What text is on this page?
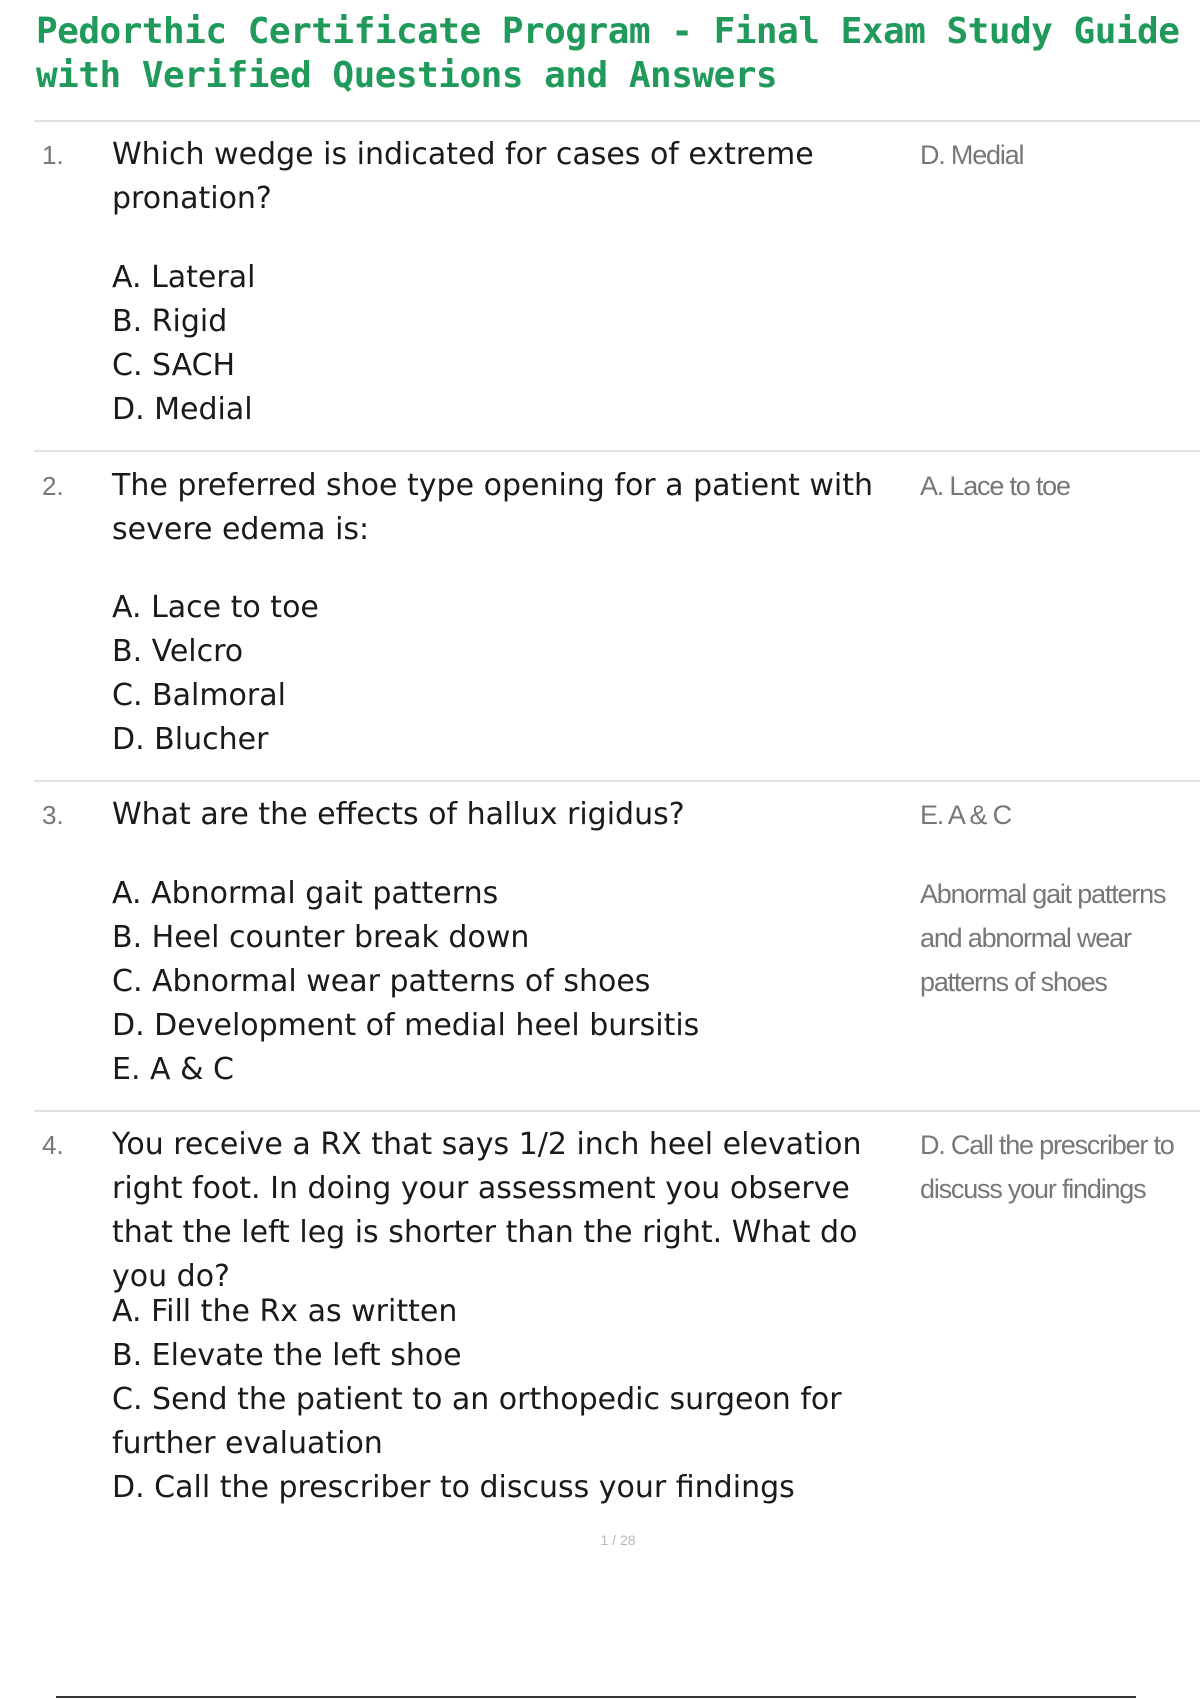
Pedorthic Certificate Program - Final Exam Study Guide with Verified Questions and Answers
1. Which wedge is indicated for cases of extreme pronation?
D. Medial
A. Lateral
B. Rigid
C. SACH
D. Medial
2. The preferred shoe type opening for a patient with severe edema is:
A. Lace to toe
A. Lace to toe
B. Velcro
C. Balmoral
D. Blucher
3. What are the effects of hallux rigidus?	E. A & C
A. Abnormal gait patterns
B. Heel counter break down
C. Abnormal wear patterns of shoes
D. Development of medial heel bursitis
E. A & C
Abnormal gait patterns and abnormal wear patterns of shoes
4. You receive a RX that says 1/2 inch heel elevation right foot. In doing your assessment you observe that the left leg is shorter than the right. What do you do?
D. Call the prescriber to discuss your findings
A. Fill the Rx as written
B. Elevate the left shoe
C. Send the patient to an orthopedic surgeon for further evaluation
D. Call the prescriber to discuss your findings
1 / 28
